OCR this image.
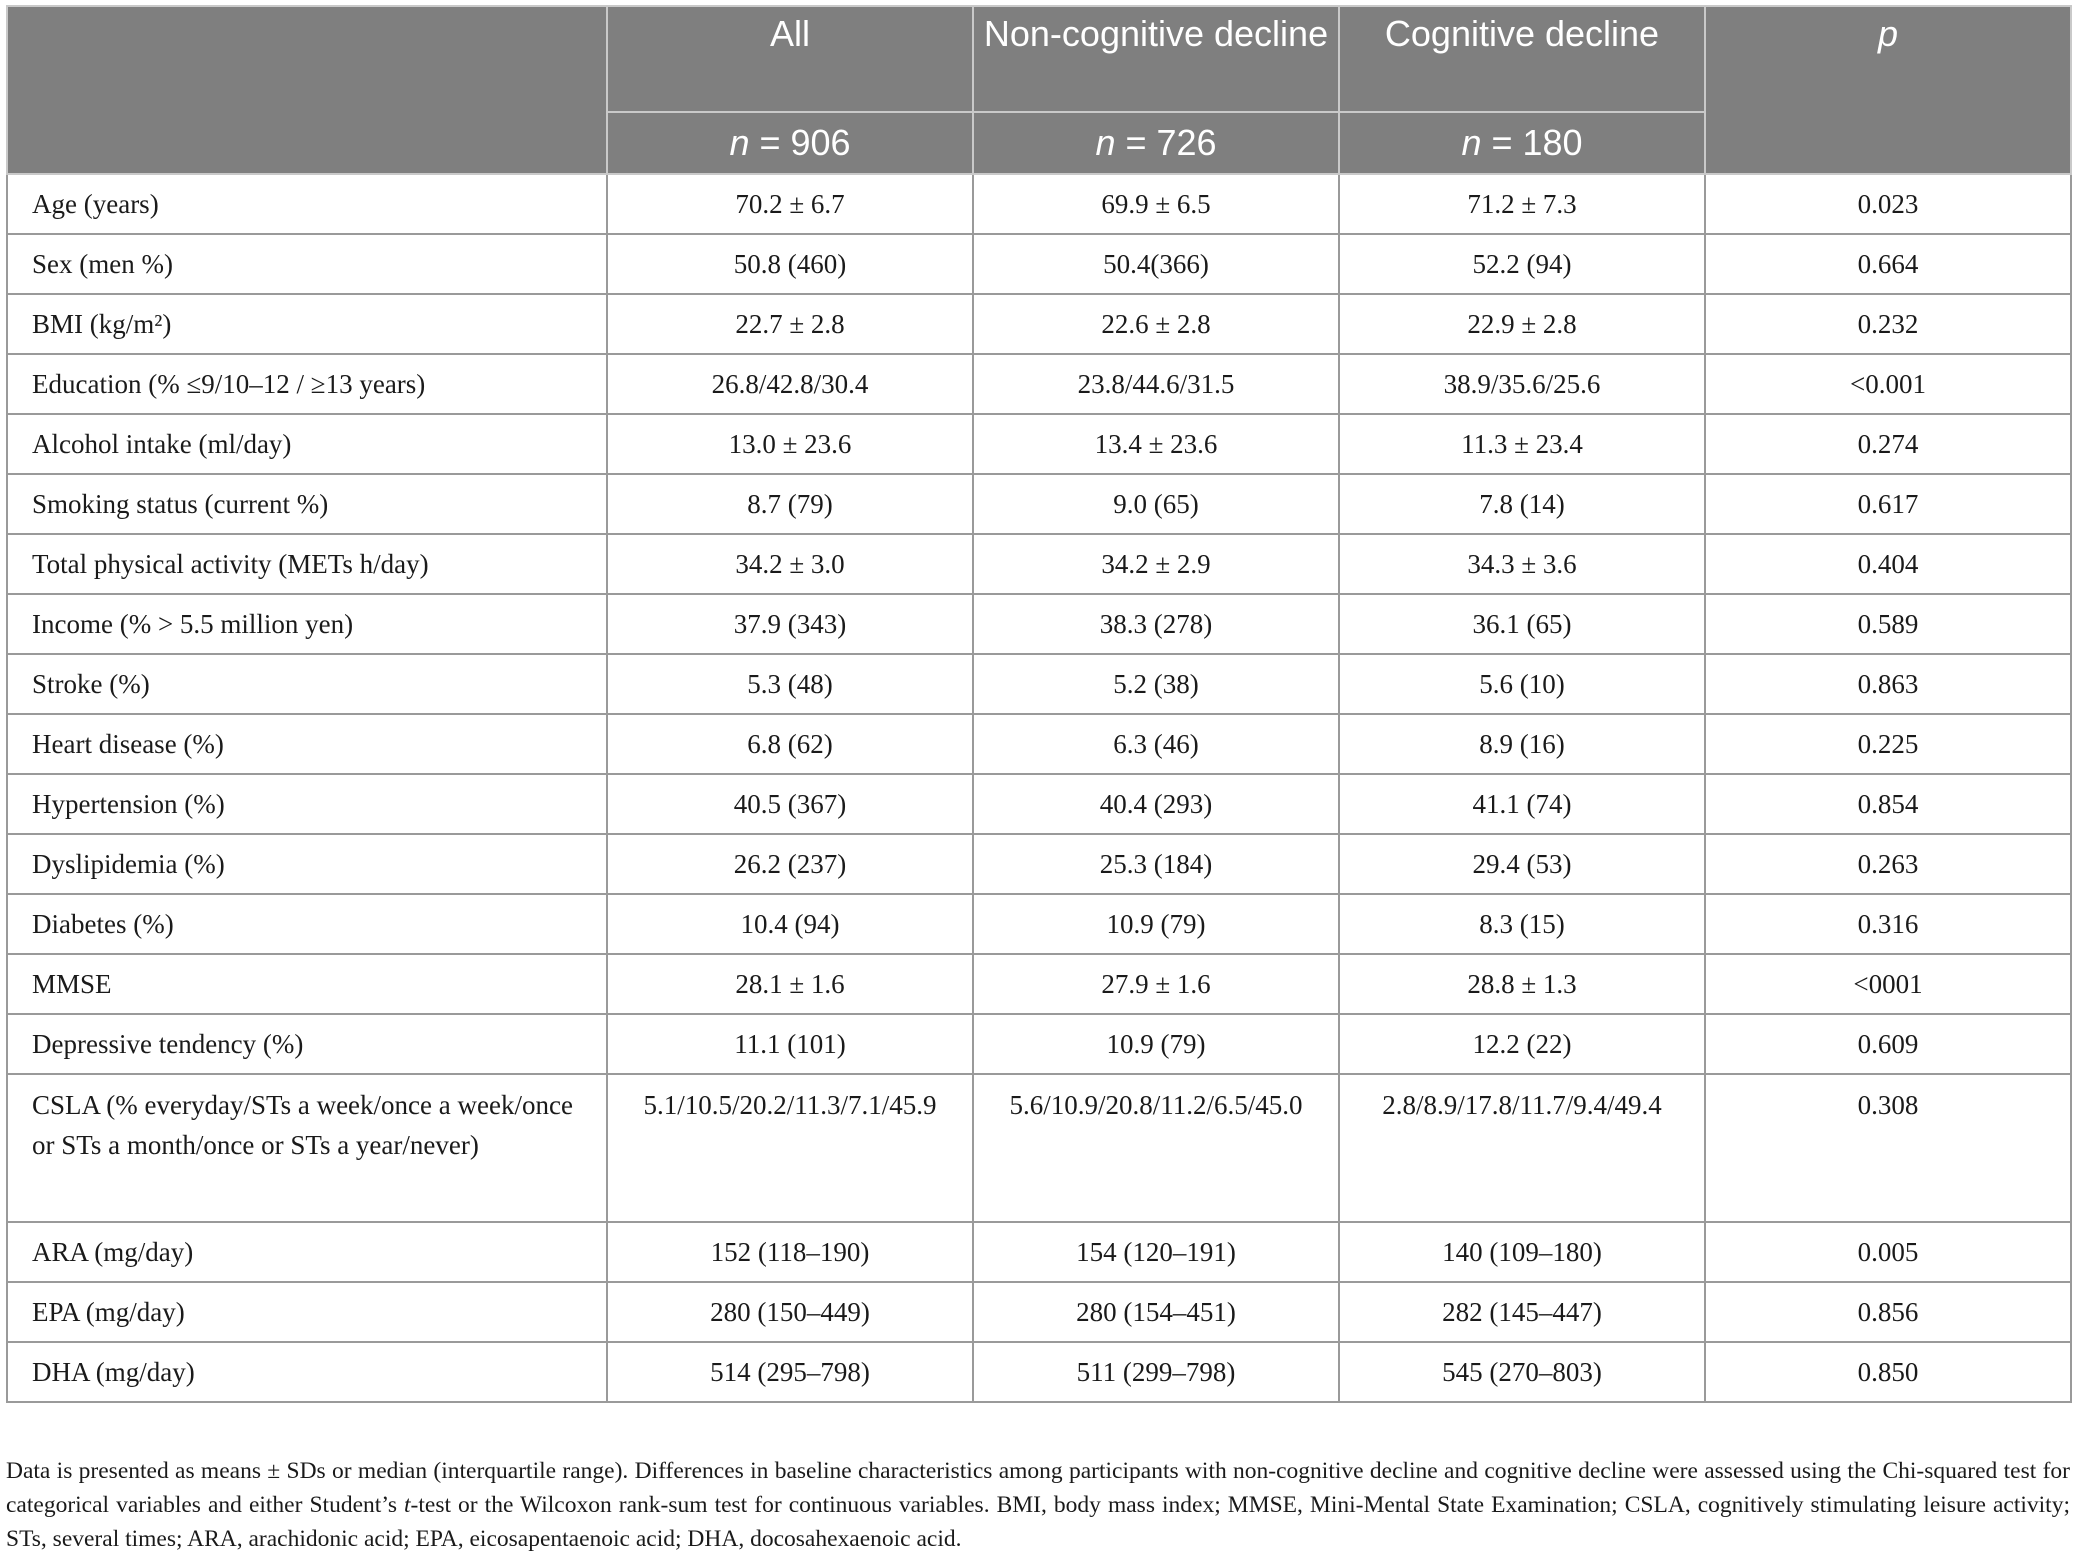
	All	Non-cognitive decline	Cognitive decline	p
	n = 906	n = 726	n = 180	
Age (years)	70.2 ± 6.7	69.9 ± 6.5	71.2 ± 7.3	0.023
Sex (men %)	50.8 (460)	50.4(366)	52.2 (94)	0.664
BMI (kg/m²)	22.7 ± 2.8	22.6 ± 2.8	22.9 ± 2.8	0.232
Education (% ≤9/10–12 / ≥13 years)	26.8/42.8/30.4	23.8/44.6/31.5	38.9/35.6/25.6	<0.001
Alcohol intake (ml/day)	13.0 ± 23.6	13.4 ± 23.6	11.3 ± 23.4	0.274
Smoking status (current %)	8.7 (79)	9.0 (65)	7.8 (14)	0.617
Total physical activity (METs h/day)	34.2 ± 3.0	34.2 ± 2.9	34.3 ± 3.6	0.404
Income (% > 5.5 million yen)	37.9 (343)	38.3 (278)	36.1 (65)	0.589
Stroke (%)	5.3 (48)	5.2 (38)	5.6 (10)	0.863
Heart disease (%)	6.8 (62)	6.3 (46)	8.9 (16)	0.225
Hypertension (%)	40.5 (367)	40.4 (293)	41.1 (74)	0.854
Dyslipidemia (%)	26.2 (237)	25.3 (184)	29.4 (53)	0.263
Diabetes (%)	10.4 (94)	10.9 (79)	8.3 (15)	0.316
MMSE	28.1 ± 1.6	27.9 ± 1.6	28.8 ± 1.3	<0001
Depressive tendency (%)	11.1 (101)	10.9 (79)	12.2 (22)	0.609
CSLA (% everyday/STs a week/once a week/once or STs a month/once or STs a year/never)	5.1/10.5/20.2/11.3/7.1/45.9	5.6/10.9/20.8/11.2/6.5/45.0	2.8/8.9/17.8/11.7/9.4/49.4	0.308
ARA (mg/day)	152 (118–190)	154 (120–191)	140 (109–180)	0.005
EPA (mg/day)	280 (150–449)	280 (154–451)	282 (145–447)	0.856
DHA (mg/day)	514 (295–798)	511 (299–798)	545 (270–803)	0.850
Data is presented as means ± SDs or median (interquartile range). Differences in baseline characteristics among participants with non-cognitive decline and cognitive decline were assessed using the Chi-squared test for categorical variables and either Student’s t-test or the Wilcoxon rank-sum test for continuous variables. BMI, body mass index; MMSE, Mini-Mental State Examination; CSLA, cognitively stimulating leisure activity; STs, several times; ARA, arachidonic acid; EPA, eicosapentaenoic acid; DHA, docosahexaenoic acid.
